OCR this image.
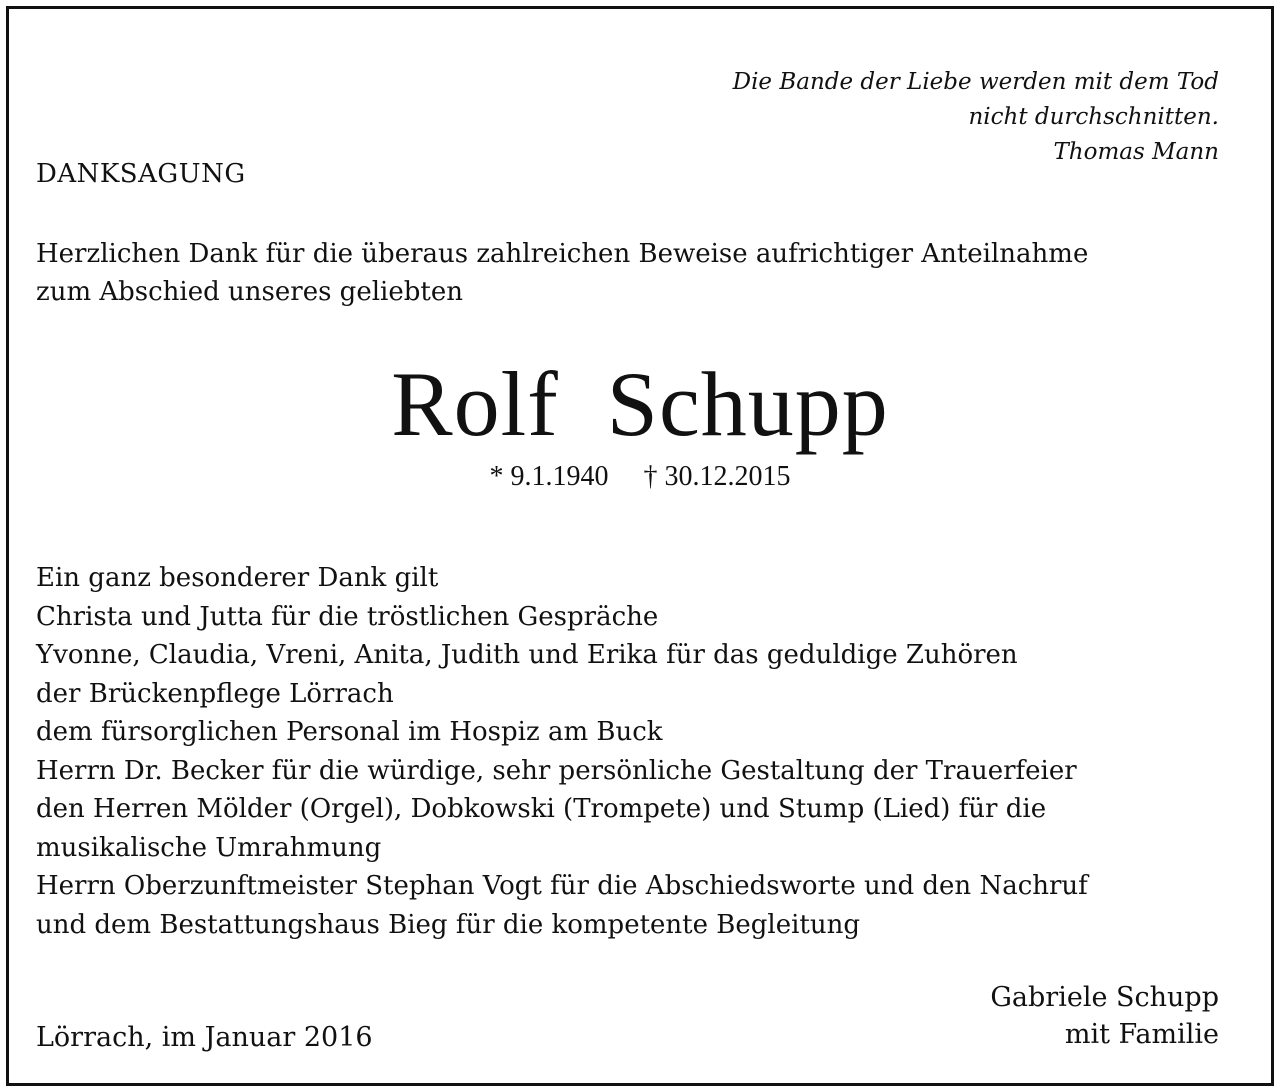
Die Bande der Liebe werden mit dem Tod
nicht durchschnitten.
Thomas Mann
DANKSAGUNG
Herzlichen Dank für die überaus zahlreichen Beweise aufrichtiger Anteilnahme
zum Abschied unseres geliebten
Rolf  Schupp
* 9.1.1940 † 30.12.2015
Ein ganz besonderer Dank gilt
Christa und Jutta für die tröstlichen Gespräche
Yvonne, Claudia, Vreni, Anita, Judith und Erika für das geduldige Zuhören
der Brückenpflege Lörrach
dem fürsorglichen Personal im Hospiz am Buck
Herrn Dr. Becker für die würdige, sehr persönliche Gestaltung der Trauerfeier
den Herren Mölder (Orgel), Dobkowski (Trompete) und Stump (Lied) für die
musikalische Umrahmung
Herrn Oberzunftmeister Stephan Vogt für die Abschiedsworte und den Nachruf
und dem Bestattungshaus Bieg für die kompetente Begleitung
Lörrach, im Januar 2016
Gabriele Schupp
mit Familie
